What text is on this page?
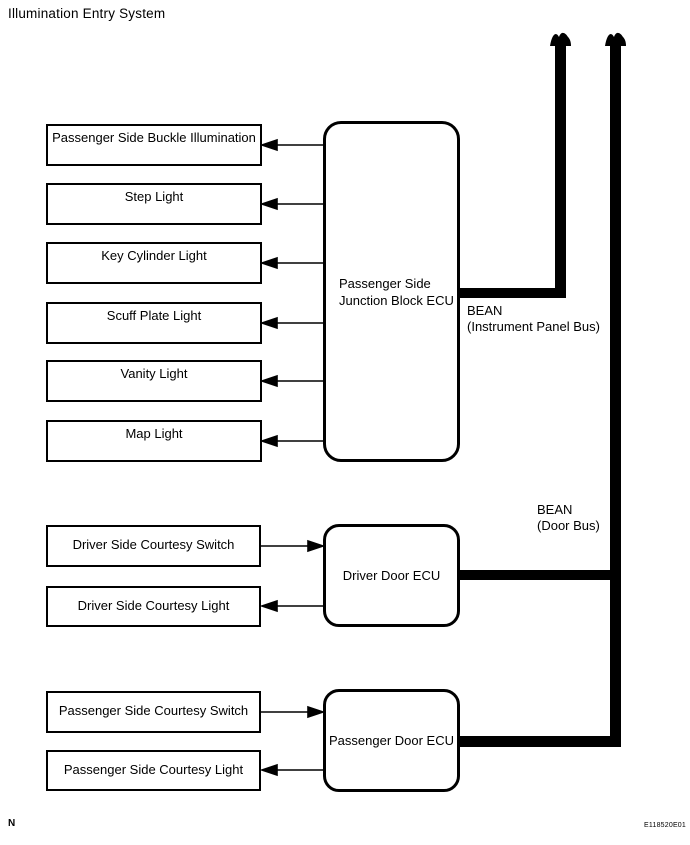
Illumination Entry System
Passenger Side Buckle Illumination
Step Light
Key Cylinder Light
Scuff Plate Light
Vanity Light
Map Light
Passenger Side
Junction Block ECU
Driver Side Courtesy Switch
Driver Side Courtesy Light
Driver Door ECU
Passenger Side Courtesy Switch
Passenger Side Courtesy Light
Passenger Door ECU
BEAN
(Instrument Panel Bus)
BEAN
(Door Bus)
N	E118520E01
